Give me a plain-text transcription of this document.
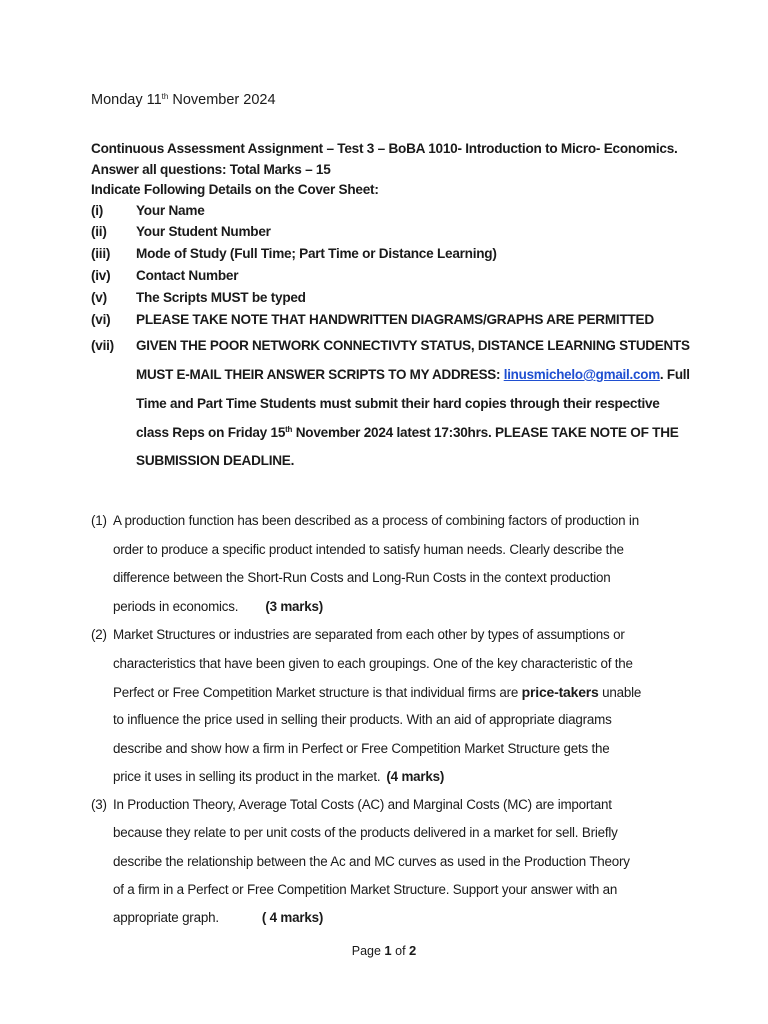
Monday 11th November 2024
Continuous Assessment Assignment – Test 3 – BoBA 1010- Introduction to Micro- Economics.
Answer all questions: Total Marks – 15
Indicate Following Details on the Cover Sheet:
(i) Your Name
(ii) Your Student Number
(iii) Mode of Study (Full Time; Part Time or Distance Learning)
(iv) Contact Number
(v) The Scripts MUST be typed
(vi) PLEASE TAKE NOTE THAT HANDWRITTEN DIAGRAMS/GRAPHS ARE PERMITTED
(vii) GIVEN THE POOR NETWORK CONNECTIVTY STATUS, DISTANCE LEARNING STUDENTS
MUST E-MAIL THEIR ANSWER SCRIPTS TO MY ADDRESS: linusmichelo@gmail.com. Full
Time and Part Time Students must submit their hard copies through their respective
class Reps on Friday 15th November 2024 latest 17:30hrs. PLEASE TAKE NOTE OF THE
SUBMISSION DEADLINE.
(1) A production function has been described as a process of combining factors of production in
order to produce a specific product intended to satisfy human needs. Clearly describe the
difference between the Short-Run Costs and Long-Run Costs in the context production
periods in economics. (3 marks)
(2) Market Structures or industries are separated from each other by types of assumptions or
characteristics that have been given to each groupings. One of the key characteristic of the
Perfect or Free Competition Market structure is that individual firms are price-takers unable
to influence the price used in selling their products. With an aid of appropriate diagrams
describe and show how a firm in Perfect or Free Competition Market Structure gets the
price it uses in selling its product in the market. (4 marks)
(3) In Production Theory, Average Total Costs (AC) and Marginal Costs (MC) are important
because they relate to per unit costs of the products delivered in a market for sell. Briefly
describe the relationship between the Ac and MC curves as used in the Production Theory
of a firm in a Perfect or Free Competition Market Structure. Support your answer with an
appropriate graph.	( 4 marks)
Page 1 of 2
